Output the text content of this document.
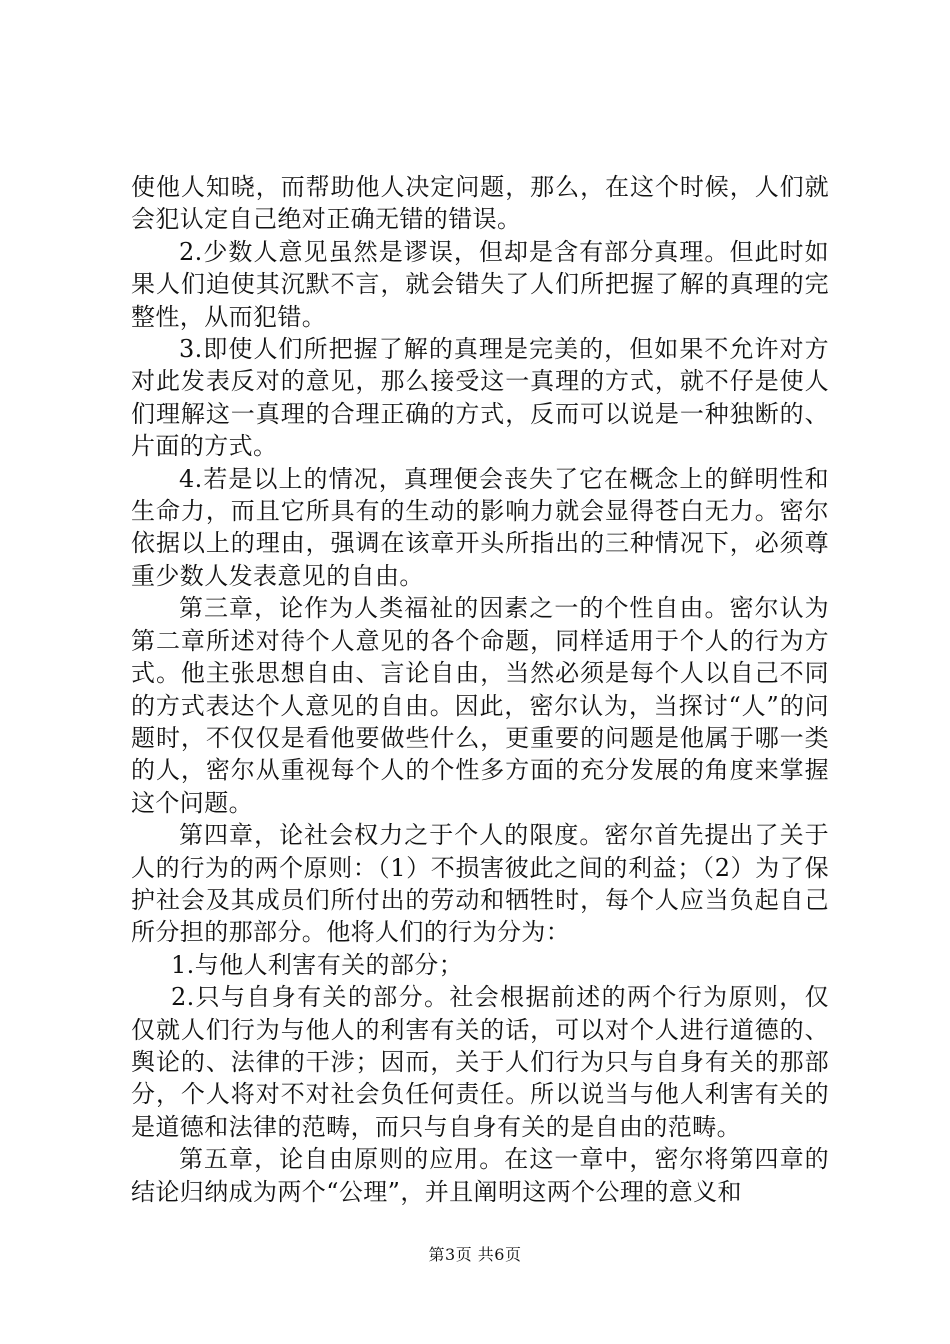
使他人知晓，而帮助他人决定问题，那么，在这个时候，人们就会犯认定自己绝对正确无错的错误。

2.少数人意见虽然是谬误，但却是含有部分真理。但此时如果人们迫使其沉默不言，就会错失了人们所把握了解的真理的完整性，从而犯错。

3.即使人们所把握了解的真理是完美的，但如果不允许对方对此发表反对的意见，那么接受这一真理的方式，就不仔是使人们理解这一真理的合理正确的方式，反而可以说是一种独断的、片面的方式。

4.若是以上的情况，真理便会丧失了它在概念上的鲜明性和生命力，而且它所具有的生动的影响力就会显得苍白无力。密尔依据以上的理由，强调在该章开头所指出的三种情况下，必须尊重少数人发表意见的自由。

第三章，论作为人类福祉的因素之一的个性自由。密尔认为第二章所述对待个人意见的各个命题，同样适用于个人的行为方式。他主张思想自由、言论自由，当然必须是每个人以自己不同的方式表达个人意见的自由。因此，密尔认为，当探讨“人”的问题时，不仅仅是看他要做些什么，更重要的问题是他属于哪一类的人，密尔从重视每个人的个性多方面的充分发展的角度来掌握这个问题。

第四章，论社会权力之于个人的限度。密尔首先提出了关于人的行为的两个原则：（1）不损害彼此之间的利益；（2）为了保护社会及其成员们所付出的劳动和牺牲时，每个人应当负起自己所分担的那部分。他将人们的行为分为：

1.与他人利害有关的部分；

2.只与自身有关的部分。社会根据前述的两个行为原则，仅仅就人们行为与他人的利害有关的话，可以对个人进行道德的、舆论的、法律的干涉；因而，关于人们行为只与自身有关的那部分，个人将对不对社会负任何责任。所以说当与他人利害有关的是道德和法律的范畴，而只与自身有关的是自由的范畴。

第五章，论自由原则的应用。在这一章中，密尔将第四章的结论归纳成为两个“公理”，并且阐明这两个公理的意义和

第3页 共6页
